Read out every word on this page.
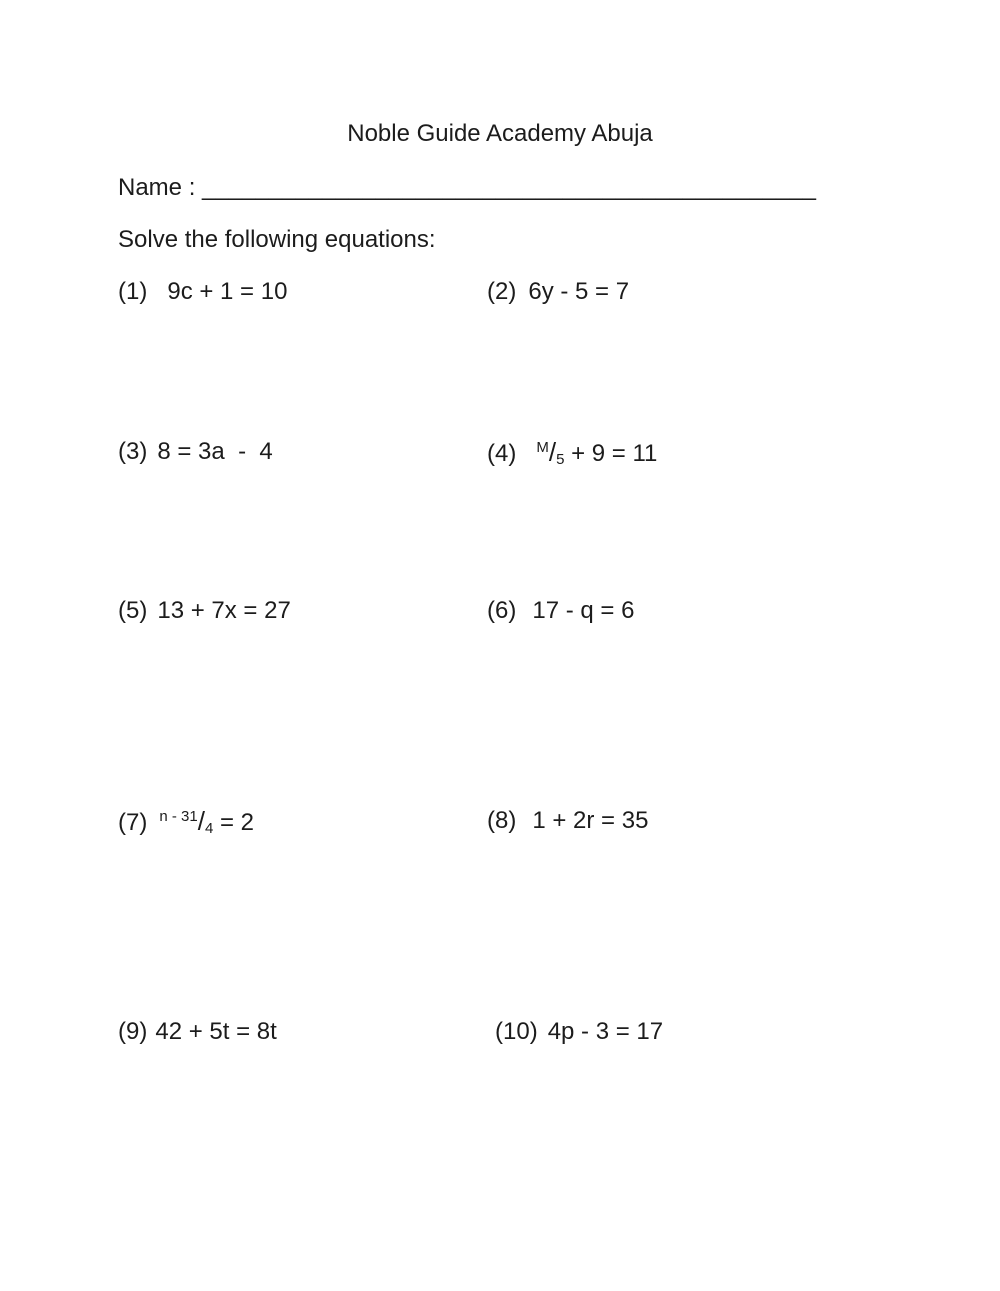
Noble Guide Academy Abuja
Name : ______________________________________________
Solve the following equations:
(1) 9c + 1 = 10	(2) 6y - 5 = 7
(3) 8 = 3a  -  4	(4) $^M$/5 + 9 = 11
(5) 13 + 7x = 27	(6) 17 - q = 6
(7) $^{n - 31}$/4 = 2	(8) 1 + 2r = 35
(9) 42 + 5t = 8t	(10) 4p - 3 = 17
